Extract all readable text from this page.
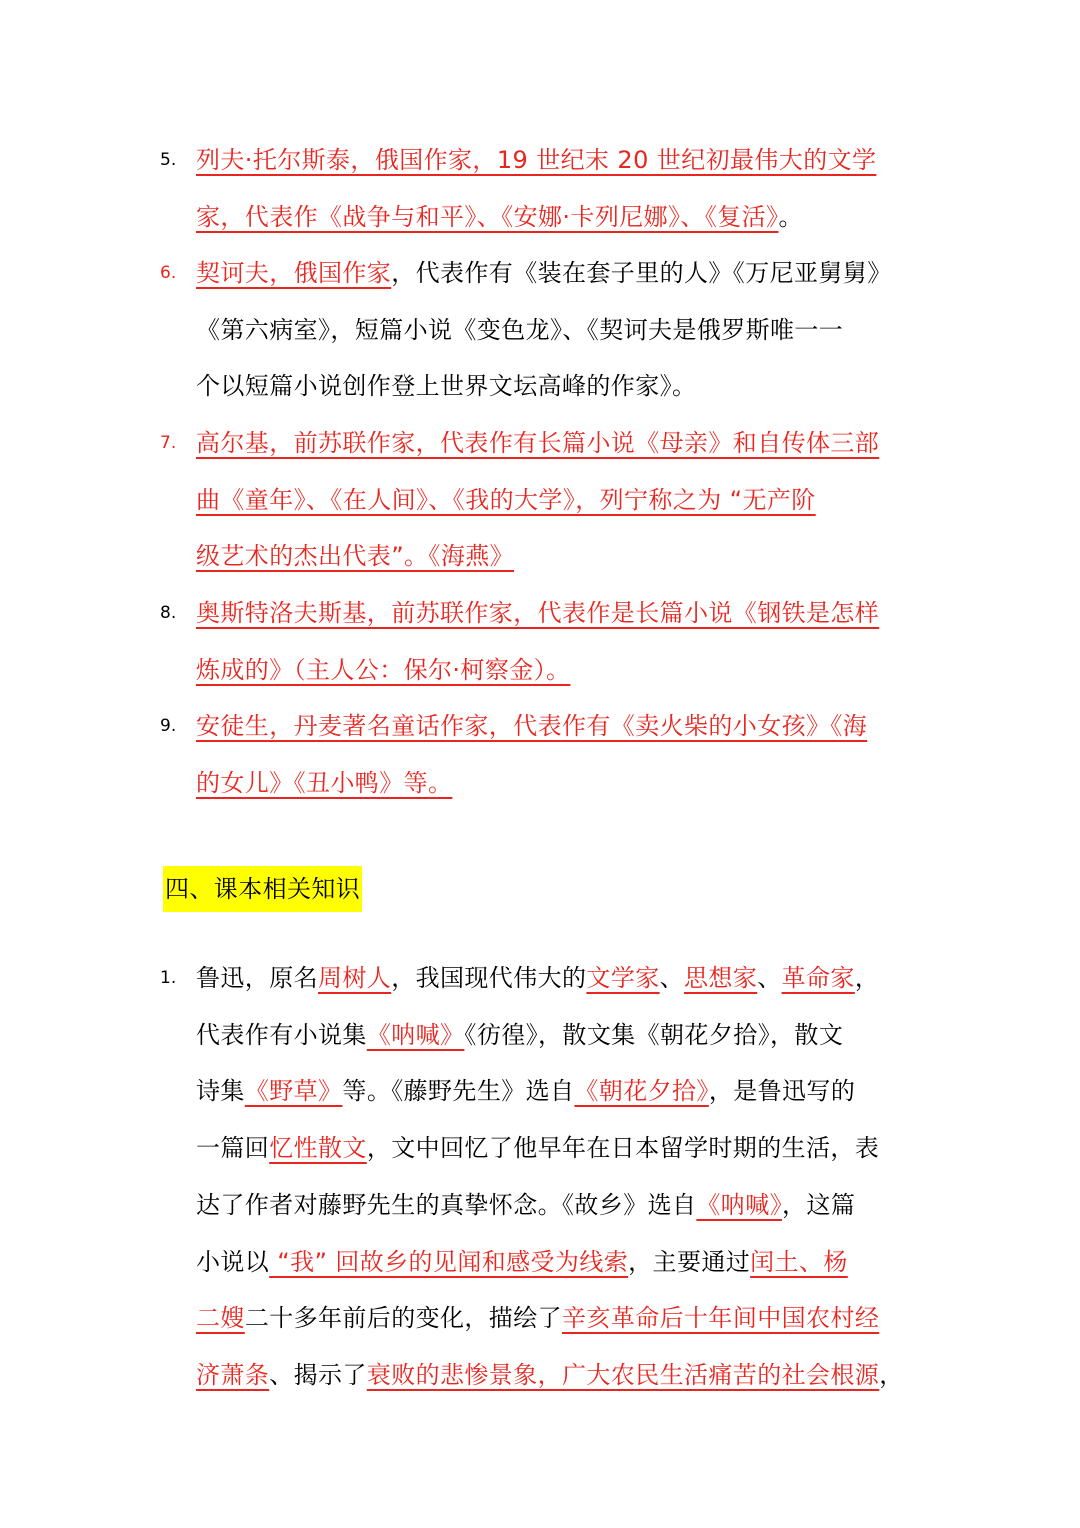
5. 列夫·托尔斯泰，俄国作家，19 世纪末 20 世纪初最伟大的文学
家，代表作《战争与和平》、《安娜·卡列尼娜》、《复活》。
6. 契诃夫，俄国作家，代表作有《装在套子里的人》《万尼亚舅舅》
《第六病室》，短篇小说《变色龙》、《契诃夫是俄罗斯唯一一
个以短篇小说创作登上世界文坛高峰的作家》。
7. 高尔基，前苏联作家，代表作有长篇小说《母亲》和自传体三部
曲《童年》、《在人间》、《我的大学》，列宁称之为 “无产阶
级艺术的杰出代表”。《海燕》
8. 奥斯特洛夫斯基，前苏联作家，代表作是长篇小说《钢铁是怎样
炼成的》（主人公：保尔·柯察金）。
9. 安徒生，丹麦著名童话作家，代表作有《卖火柴的小女孩》《海
的女儿》《丑小鸭》等。
四、课本相关知识
1. 鲁迅，原名周树人，我国现代伟大的文学家、思想家、革命家，
代表作有小说集《呐喊》《彷徨》，散文集《朝花夕拾》，散文
诗集《野草》等。《藤野先生》选自《朝花夕拾》，是鲁迅写的
一篇回忆性散文，文中回忆了他早年在日本留学时期的生活，表
达了作者对藤野先生的真挚怀念。《故乡》选自《呐喊》，这篇
小说以 “我” 回故乡的见闻和感受为线索，主要通过闰土、杨
二嫂二十多年前后的变化，描绘了辛亥革命后十年间中国农村经
济萧条、揭示了衰败的悲惨景象，广大农民生活痛苦的社会根源，
